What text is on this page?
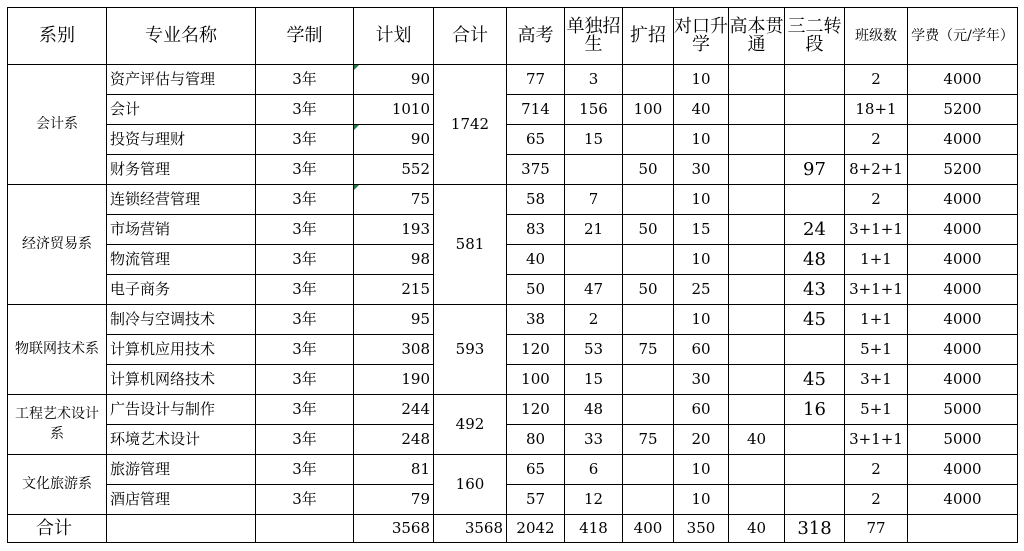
系别	专业名称	学制	计划	合计	高考	单独招生	扩招	对口升学	高本贯通	三二转段	班级数	学费（元/学年）
会计系	资产评估与管理	3年	90	1742	77	3		10			2	4000
	会计	3年	1010		714	156	100	40			18+1	5200
	投资与理财	3年	90		65	15		10			2	4000
	财务管理	3年	552		375		50	30		97	8+2+1	5200
经济贸易系	连锁经营管理	3年	75	581	58	7		10			2	4000
	市场营销	3年	193		83	21	50	15		24	3+1+1	4000
	物流管理	3年	98		40			10		48	1+1	4000
	电子商务	3年	215		50	47	50	25		43	3+1+1	4000
物联网技术系	制冷与空调技术	3年	95	593	38	2		10		45	1+1	4000
	计算机应用技术	3年	308		120	53	75	60			5+1	4000
	计算机网络技术	3年	190		100	15		30		45	3+1	4000
工程艺术设计系	广告设计与制作	3年	244	492	120	48		60		16	5+1	5000
	环境艺术设计	3年	248		80	33	75	20	40		3+1+1	5000
文化旅游系	旅游管理	3年	81	160	65	6		10			2	4000
	酒店管理	3年	79		57	12		10			2	4000
合计			3568	3568	2042	418	400	350	40	318	77	
